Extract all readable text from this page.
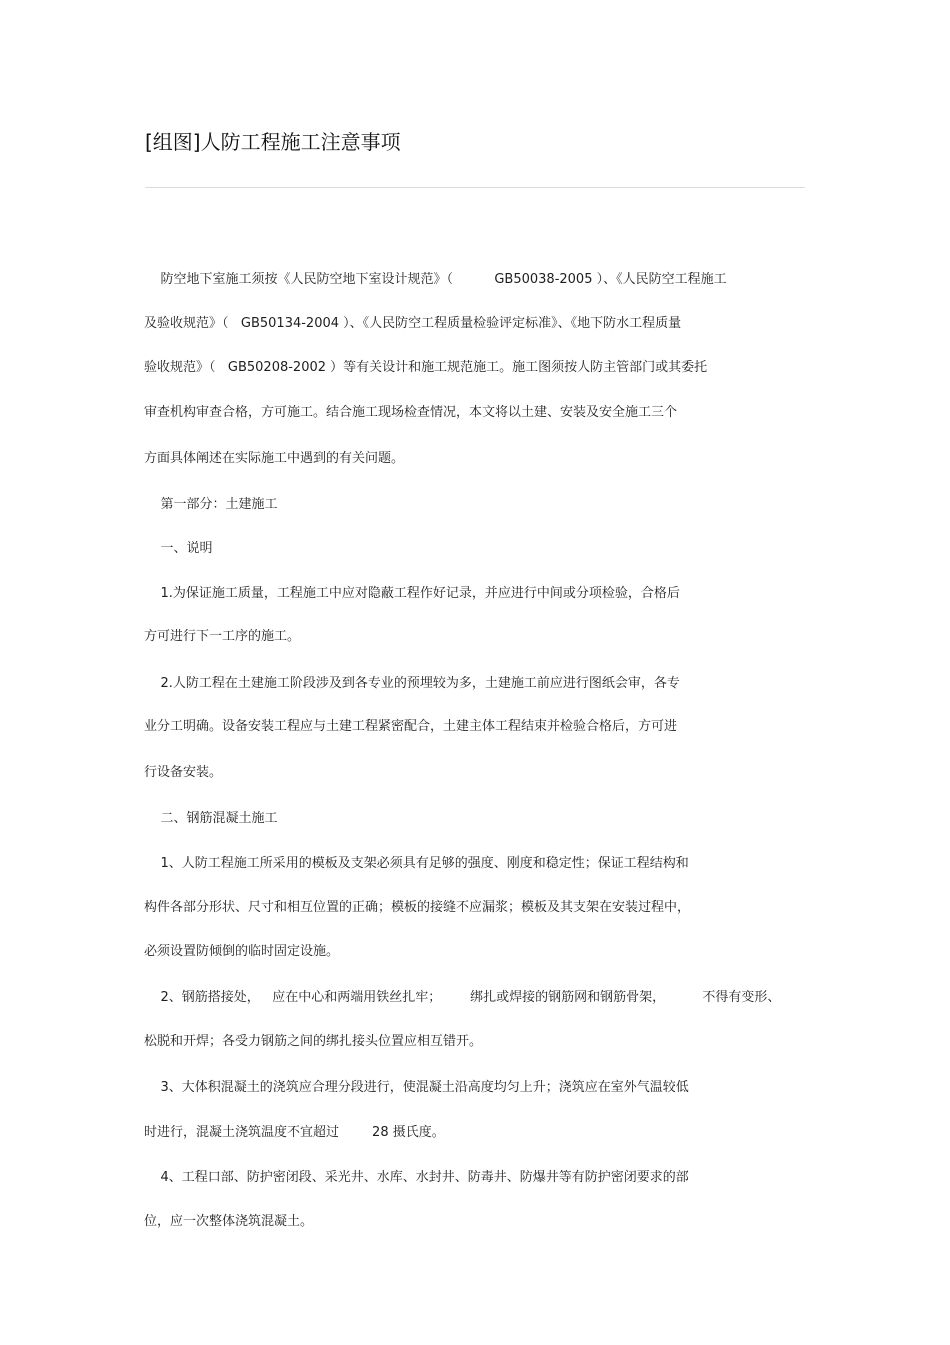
[组图]人防工程施工注意事项
防空地下室施工须按《人民防空地下室设计规范》（          GB50038-2005 ）、《人民防空工程施工
及验收规范》（   GB50134-2004 ）、《人民防空工程质量检验评定标准》、《地下防水工程质量
验收规范》（   GB50208-2002 ）等有关设计和施工规范施工。施工图须按人防主管部门或其委托
审查机构审查合格，方可施工。结合施工现场检查情况，本文将以土建、安装及安全施工三个
方面具体阐述在实际施工中遇到的有关问题。
第一部分：土建施工
一、说明
1.为保证施工质量，工程施工中应对隐蔽工程作好记录，并应进行中间或分项检验，合格后
方可进行下一工序的施工。
2.人防工程在土建施工阶段涉及到各专业的预埋较为多，土建施工前应进行图纸会审，各专
业分工明确。设备安装工程应与土建工程紧密配合，土建主体工程结束并检验合格后，方可进
行设备安装。
二、钢筋混凝土施工
1、人防工程施工所采用的模板及支架必须具有足够的强度、刚度和稳定性；保证工程结构和
构件各部分形状、尺寸和相互位置的正确；模板的接缝不应漏浆；模板及其支架在安装过程中，
必须设置防倾倒的临时固定设施。
2、钢筋搭接处，   应在中心和两端用铁丝扎牢；       绑扎或焊接的钢筋网和钢筋骨架，         不得有变形、
松脱和开焊；各受力钢筋之间的绑扎接头位置应相互错开。
3、大体积混凝土的浇筑应合理分段进行，使混凝土沿高度均匀上升；浇筑应在室外气温较低
时进行，混凝土浇筑温度不宜超过        28 摄氏度。
4、工程口部、防护密闭段、采光井、水库、水封井、防毒井、防爆井等有防护密闭要求的部
位，应一次整体浇筑混凝土。
